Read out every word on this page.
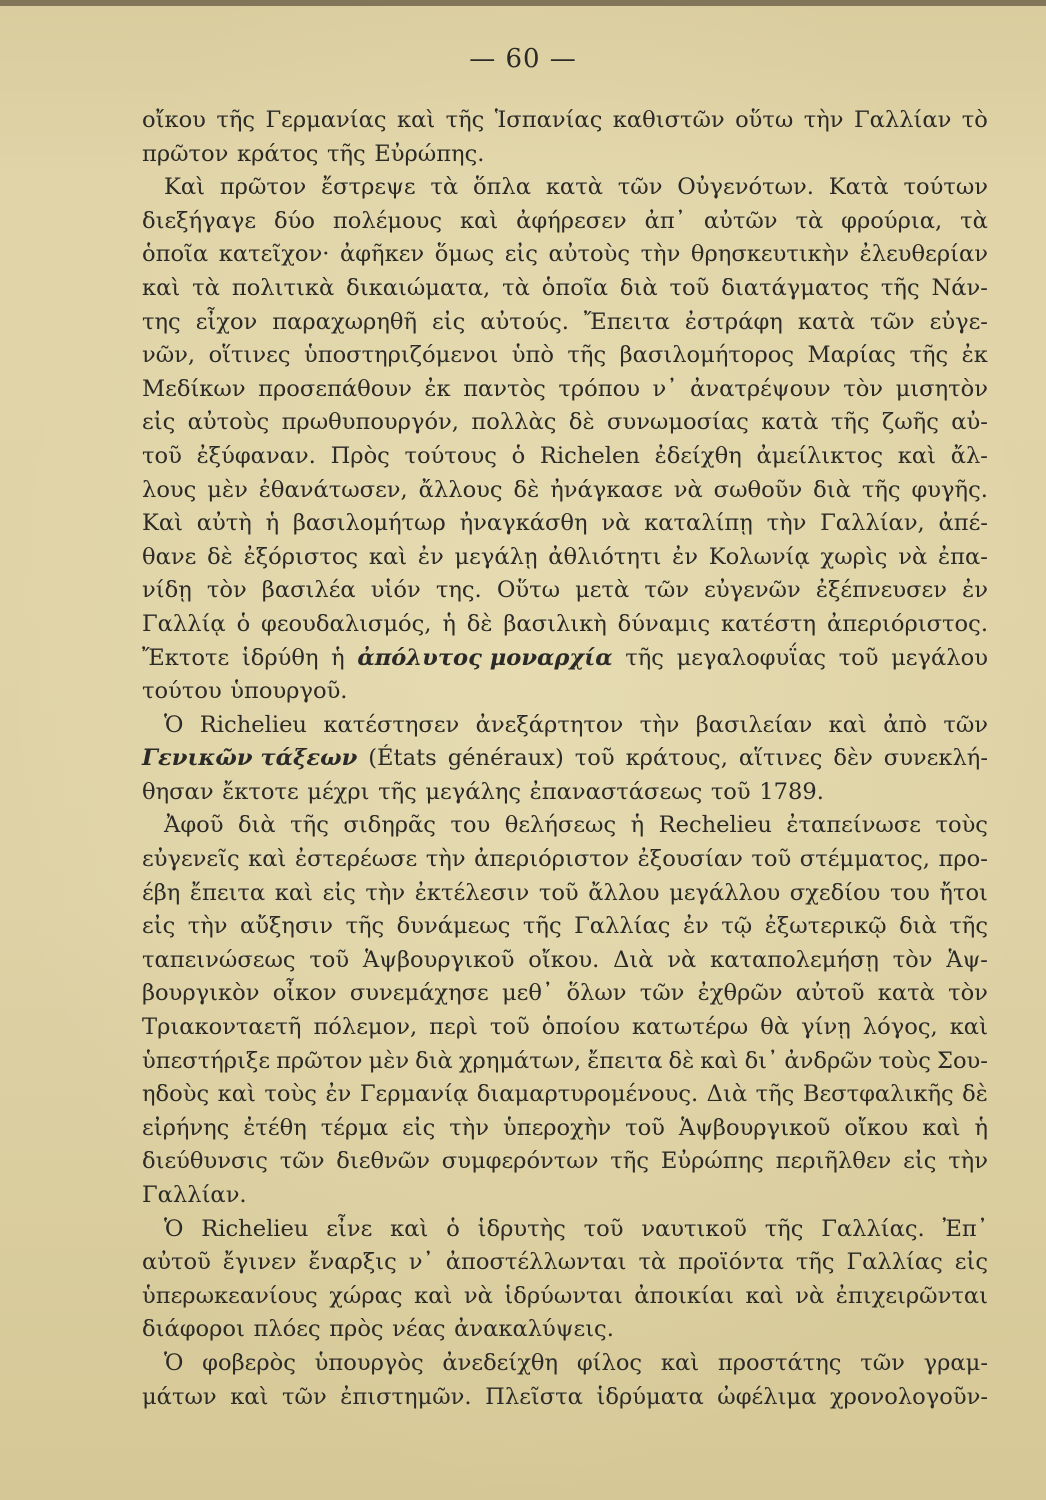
— 60 —
οἴκου τῆς Γερμανίας καὶ τῆς Ἱσπανίας καθιστῶν οὕτω τὴν Γαλλίαν τὸ
πρῶτον κράτος τῆς Εὐρώπης.
Καὶ πρῶτον ἔστρεψε τὰ ὅπλα κατὰ τῶν Οὐγενότων. Κατὰ τούτων
διεξήγαγε δύο πολέμους καὶ ἀφήρεσεν ἀπ᾽ αὐτῶν τὰ φρούρια, τὰ
ὁποῖα κατεῖχον· ἀφῆκεν ὅμως εἰς αὐτοὺς τὴν θρησκευτικὴν ἐλευθερίαν
καὶ τὰ πολιτικὰ δικαιώματα, τὰ ὁποῖα διὰ τοῦ διατάγματος τῆς Νάν-
της εἶχον παραχωρηθῆ εἰς αὐτούς. Ἔπειτα ἐστράφη κατὰ τῶν εὐγε-
νῶν, οἵτινες ὑποστηριζόμενοι ὑπὸ τῆς βασιλομήτορος Μαρίας τῆς ἐκ
Μεδίκων προσεπάθουν ἐκ παντὸς τρόπου ν᾽ ἀνατρέψουν τὸν μισητὸν
εἰς αὐτοὺς πρωθυπουργόν, πολλὰς δὲ συνωμοσίας κατὰ τῆς ζωῆς αὐ-
τοῦ ἐξύφαναν. Πρὸς τούτους ὁ Richelen ἐδείχθη ἀμείλικτος καὶ ἄλ-
λους μὲν ἐθανάτωσεν, ἄλλους δὲ ἠνάγκασε νὰ σωθοῦν διὰ τῆς φυγῆς.
Καὶ αὐτὴ ἡ βασιλομήτωρ ἠναγκάσθη νὰ καταλίπῃ τὴν Γαλλίαν, ἀπέ-
θανε δὲ ἐξόριστος καὶ ἐν μεγάλῃ ἀθλιότητι ἐν Κολωνίᾳ χωρὶς νὰ ἐπα-
νίδῃ τὸν βασιλέα υἱόν της. Οὕτω μετὰ τῶν εὐγενῶν ἐξέπνευσεν ἐν
Γαλλίᾳ ὁ φεουδαλισμός, ἡ δὲ βασιλικὴ δύναμις κατέστη ἀπεριόριστος.
Ἔκτοτε ἱδρύθη ἡ ἀπόλυτος μοναρχία τῆς μεγαλοφυΐας τοῦ μεγάλου
τούτου ὑπουργοῦ.
Ὁ Richelieu κατέστησεν ἀνεξάρτητον τὴν βασιλείαν καὶ ἀπὸ τῶν
Γενικῶν τάξεων (États généraux) τοῦ κράτους, αἵτινες δὲν συνεκλή-
θησαν ἔκτοτε μέχρι τῆς μεγάλης ἐπαναστάσεως τοῦ 1789.
Ἀφοῦ διὰ τῆς σιδηρᾶς του θελήσεως ἡ Rechelieu ἐταπείνωσε τοὺς
εὐγενεῖς καὶ ἐστερέωσε τὴν ἀπεριόριστον ἐξουσίαν τοῦ στέμματος, προ-
έβη ἔπειτα καὶ εἰς τὴν ἐκτέλεσιν τοῦ ἄλλου μεγάλλου σχεδίου του ἤτοι
εἰς τὴν αὔξησιν τῆς δυνάμεως τῆς Γαλλίας ἐν τῷ ἐξωτερικῷ διὰ τῆς
ταπεινώσεως τοῦ Ἁψβουργικοῦ οἴκου. Διὰ νὰ καταπολεμήσῃ τὸν Ἁψ-
βουργικὸν οἶκον συνεμάχησε μεθ᾽ ὅλων τῶν ἐχθρῶν αὐτοῦ κατὰ τὸν
Τριακονταετῆ πόλεμον, περὶ τοῦ ὁποίου κατωτέρω θὰ γίνῃ λόγος, καὶ
ὑπεστήριξε πρῶτον μὲν διὰ χρημάτων, ἔπειτα δὲ καὶ δι᾽ ἀνδρῶν τοὺς Σου-
ηδοὺς καὶ τοὺς ἐν Γερμανίᾳ διαμαρτυρομένους. Διὰ τῆς Βεστφαλικῆς δὲ
εἰρήνης ἐτέθη τέρμα εἰς τὴν ὑπεροχὴν τοῦ Ἁψβουργικοῦ οἴκου καὶ ἡ
διεύθυνσις τῶν διεθνῶν συμφερόντων τῆς Εὐρώπης περιῆλθεν εἰς τὴν
Γαλλίαν.
Ὁ Richelieu εἶνε καὶ ὁ ἱδρυτὴς τοῦ ναυτικοῦ τῆς Γαλλίας. Ἐπ᾽
αὐτοῦ ἔγινεν ἔναρξις ν᾽ ἀποστέλλωνται τὰ προϊόντα τῆς Γαλλίας εἰς
ὑπερωκεανίους χώρας καὶ νὰ ἱδρύωνται ἀποικίαι καὶ νὰ ἐπιχειρῶνται
διάφοροι πλόες πρὸς νέας ἀνακαλύψεις.
Ὁ φοβερὸς ὑπουργὸς ἀνεδείχθη φίλος καὶ προστάτης τῶν γραμ-
μάτων καὶ τῶν ἐπιστημῶν. Πλεῖστα ἱδρύματα ὠφέλιμα χρονολογοῦν-
